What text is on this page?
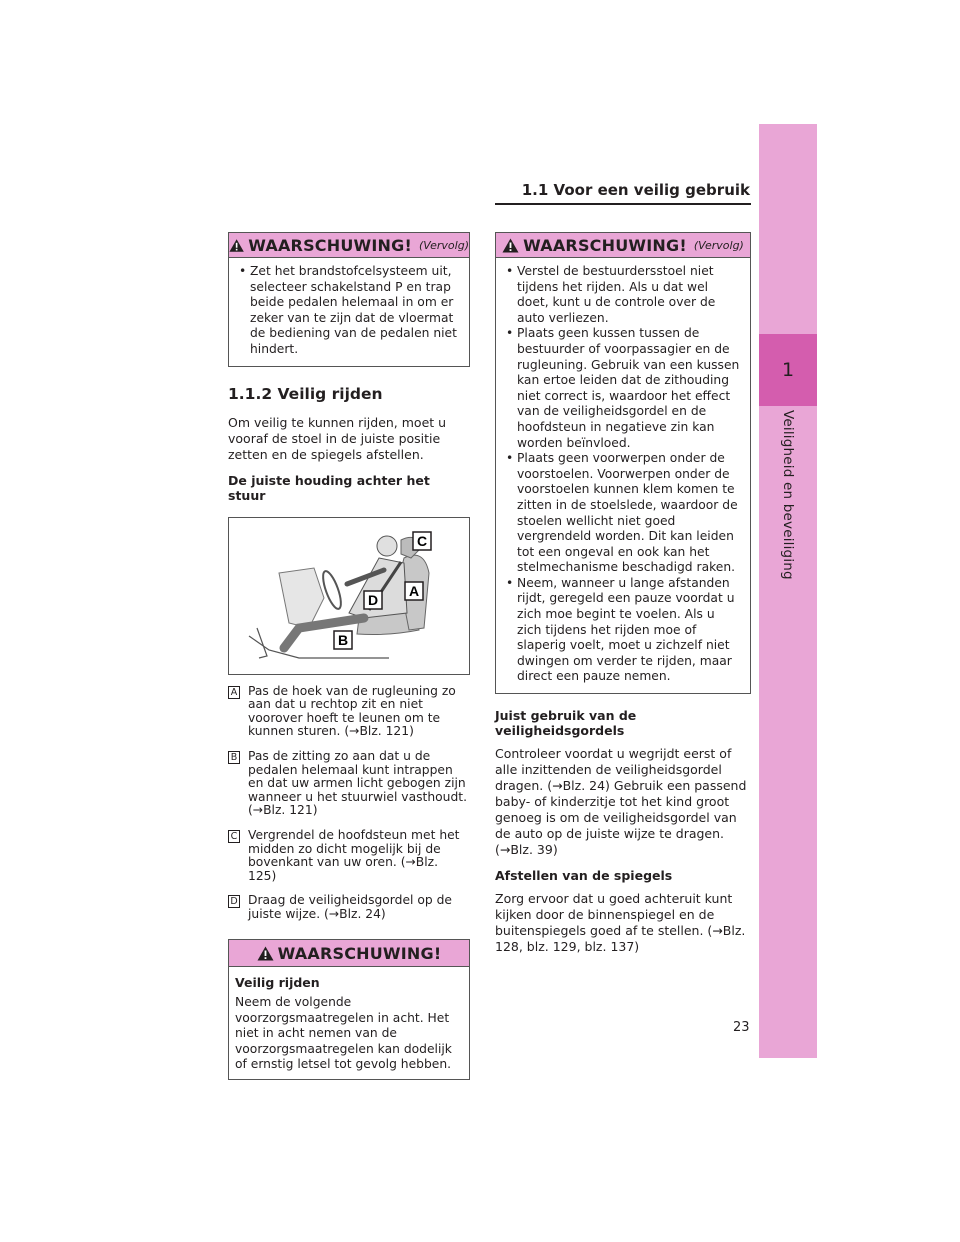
1
Veiligheid en beveiliging
1.1 Voor een veilig gebruik
WAARSCHUWING! (Vervolg)
• Zet het brandstofcelsysteem uit, selecteer schakelstand P en trap beide pedalen helemaal in om er zeker van te zijn dat de vloermat de bediening van de pedalen niet hindert.
1.1.2 Veilig rijden

Om veilig te kunnen rijden, moet u vooraf de stoel in de juiste positie zetten en de spiegels afstellen.

De juiste houding achter het stuur

C
D
A
B
A Pas de hoek van de rugleuning zo aan dat u rechtop zit en niet voorover hoeft te leunen om te kunnen sturen. (→Blz. 121)
B Pas de zitting zo aan dat u de pedalen helemaal kunt intrappen en dat uw armen licht gebogen zijn wanneer u het stuurwiel vasthoudt. (→Blz. 121)
C Vergrendel de hoofdsteun met het midden zo dicht mogelijk bij de bovenkant van uw oren. (→Blz. 125)
D Draag de veiligheidsgordel op de juiste wijze. (→Blz. 24)
WAARSCHUWING!
Veilig rijden
Neem de volgende voorzorgsmaatregelen in acht. Het niet in acht nemen van de voorzorgsmaatregelen kan dodelijk of ernstig letsel tot gevolg hebben.
WAARSCHUWING! (Vervolg)
• Verstel de bestuurdersstoel niet tijdens het rijden. Als u dat wel doet, kunt u de controle over de auto verliezen.
• Plaats geen kussen tussen de bestuurder of voorpassagier en de rugleuning. Gebruik van een kussen kan ertoe leiden dat de zithouding niet correct is, waardoor het effect van de veiligheidsgordel en de hoofdsteun in negatieve zin kan worden beïnvloed.
• Plaats geen voorwerpen onder de voorstoelen. Voorwerpen onder de voorstoelen kunnen klem komen te zitten in de stoelslede, waardoor de stoelen wellicht niet goed vergrendeld worden. Dit kan leiden tot een ongeval en ook kan het stelmechanisme beschadigd raken.
• Neem, wanneer u lange afstanden rijdt, geregeld een pauze voordat u zich moe begint te voelen. Als u zich tijdens het rijden moe of slaperig voelt, moet u zichzelf niet dwingen om verder te rijden, maar direct een pauze nemen.
Juist gebruik van de veiligheidsgordels

Controleer voordat u wegrijdt eerst of alle inzittenden de veiligheidsgordel dragen. (→Blz. 24) Gebruik een passend baby- of kinderzitje tot het kind groot genoeg is om de veiligheidsgordel van de auto op de juiste wijze te dragen. (→Blz. 39)

Afstellen van de spiegels

Zorg ervoor dat u goed achteruit kunt kijken door de binnenspiegel en de buitenspiegels goed af te stellen. (→Blz. 128, blz. 129, blz. 137)

23
